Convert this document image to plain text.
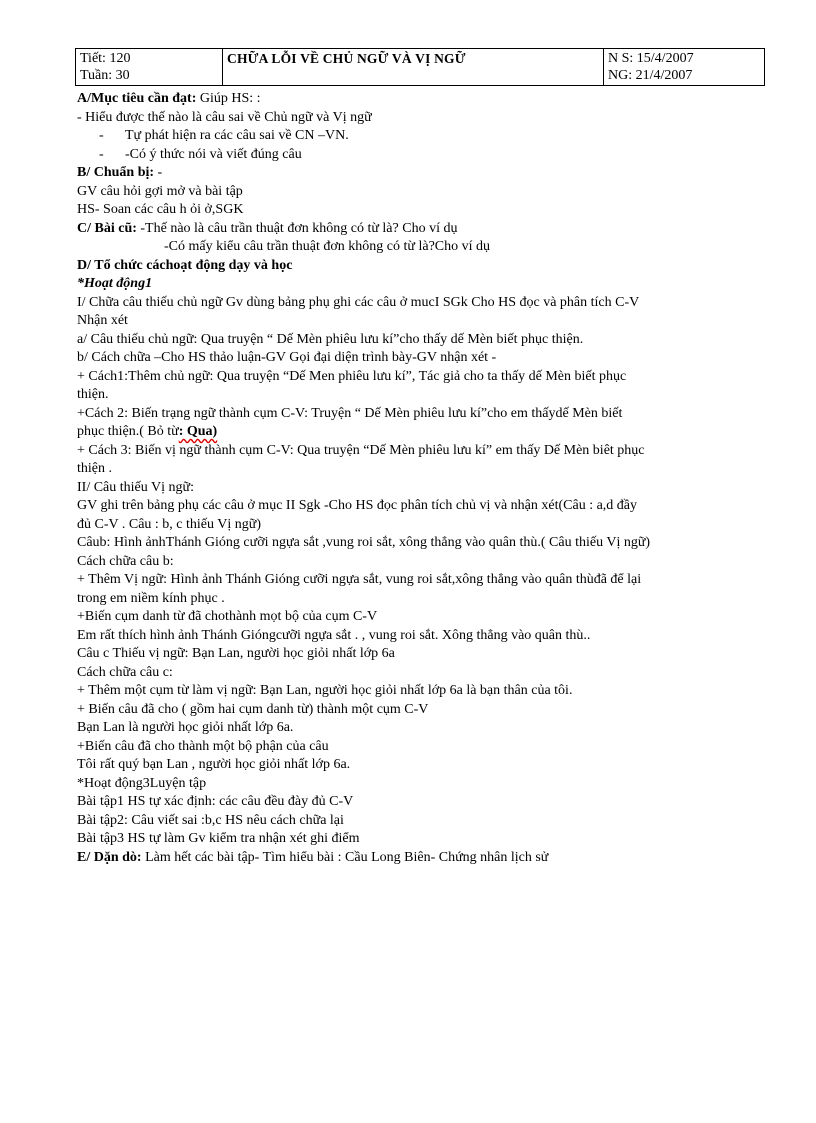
Tiết: 120
Tuần: 30
CHỮA LỖI VỀ CHỦ NGỮ VÀ VỊ NGỮ	N S: 15/4/2007
NG: 21/4/2007
A/Mục tiêu cần đạt: Giúp HS: :
- Hiểu được thế nào là câu sai về Chủ ngữ và Vị ngữ
- Tự phát hiện ra các câu sai về CN –VN.
- -Có ý thức nói và viết đúng câu
B/ Chuẩn bị: -
GV câu hỏi gợi mở và bài tập
HS- Soan các câu h ỏi ở,SGK
C/ Bài cũ: -Thế nào là câu trần thuật đơn không có từ là? Cho ví dụ
-Có mấy kiểu câu trần thuật đơn không có từ là?Cho ví dụ
D/ Tổ chức cáchoạt động dạy và học
*Hoạt động1
I/ Chữa câu thiếu chủ ngữ Gv dùng bảng phụ ghi các câu ở mucI SGk Cho HS đọc và phân tích C-V
Nhận xét
a/ Câu thiếu chủ ngữ: Qua truyện “ Dế Mèn phiêu lưu kí”cho thấy dế Mèn biết phục thiện.
b/ Cách chữa –Cho HS thảo luận-GV Gọi đại diện trình bày-GV nhận xét -
+ Cách1:Thêm chủ ngữ: Qua truyện “Dế Men phiêu lưu kí”, Tác giả cho ta thấy dế Mèn biết phục
thiện.
+Cách 2: Biến trạng ngữ thành cụm C-V: Truyện “ Dế Mèn phiêu lưu kí”cho em thấydế Mèn biết
phục thiện.( Bỏ từ: Qua)
+ Cách 3: Biến vị ngữ thành cụm C-V: Qua truyện “Dế Mèn phiêu lưu kí” em thấy Dế Mèn biêt phục
thiện .
II/ Câu thiếu Vị ngữ:
GV ghi trên bảng phụ các câu ở mục II Sgk -Cho HS đọc phân tích chủ vị và nhận xét(Câu : a,d đầy
đủ C-V . Câu : b, c thiếu Vị ngữ)
Câub: Hình ảnhThánh Gióng cưỡi ngựa sắt ,vung roi sắt, xông thẳng vào quân thù.( Câu thiếu Vị ngữ)
Cách chữa câu b:
+ Thêm Vị ngữ: Hình ảnh Thánh Gióng cưỡi ngựa sắt, vung roi sắt,xông thẳng vào quân thùđã để lại
trong em niềm kính phục .
+Biến cụm danh từ đã chothành mọt bộ của cụm C-V
Em rất thích hình ảnh Thánh Gióngcưỡi ngựa sắt . , vung roi sắt. Xông thẳng vào quân thù..
Câu c Thiếu vị ngữ: Bạn Lan, người học giỏi nhất lớp 6a
Cách chữa câu c:
+ Thêm một cụm từ làm vị ngữ: Bạn Lan, người học giỏi nhất lớp 6a là bạn thân của tôi.
+ Biến câu đã cho ( gồm hai cụm danh từ) thành một cụm C-V
Bạn Lan là người học giỏi nhất lớp 6a.
+Biến câu đã cho thành một bộ phận của câu
Tôi rất quý bạn Lan , người học giỏi nhất lớp 6a.
*Hoạt động3Luyện tập
Bài tập1 HS tự xác định: các câu đều đày đủ C-V
Bài tập2: Câu viết sai :b,c HS nêu cách chữa lại
Bài tập3 HS tự làm Gv kiểm tra nhận xét ghi điểm
E/ Dặn dò: Làm hết các bài tập- Tìm hiểu bài : Cầu Long Biên- Chứng nhân lịch sử
